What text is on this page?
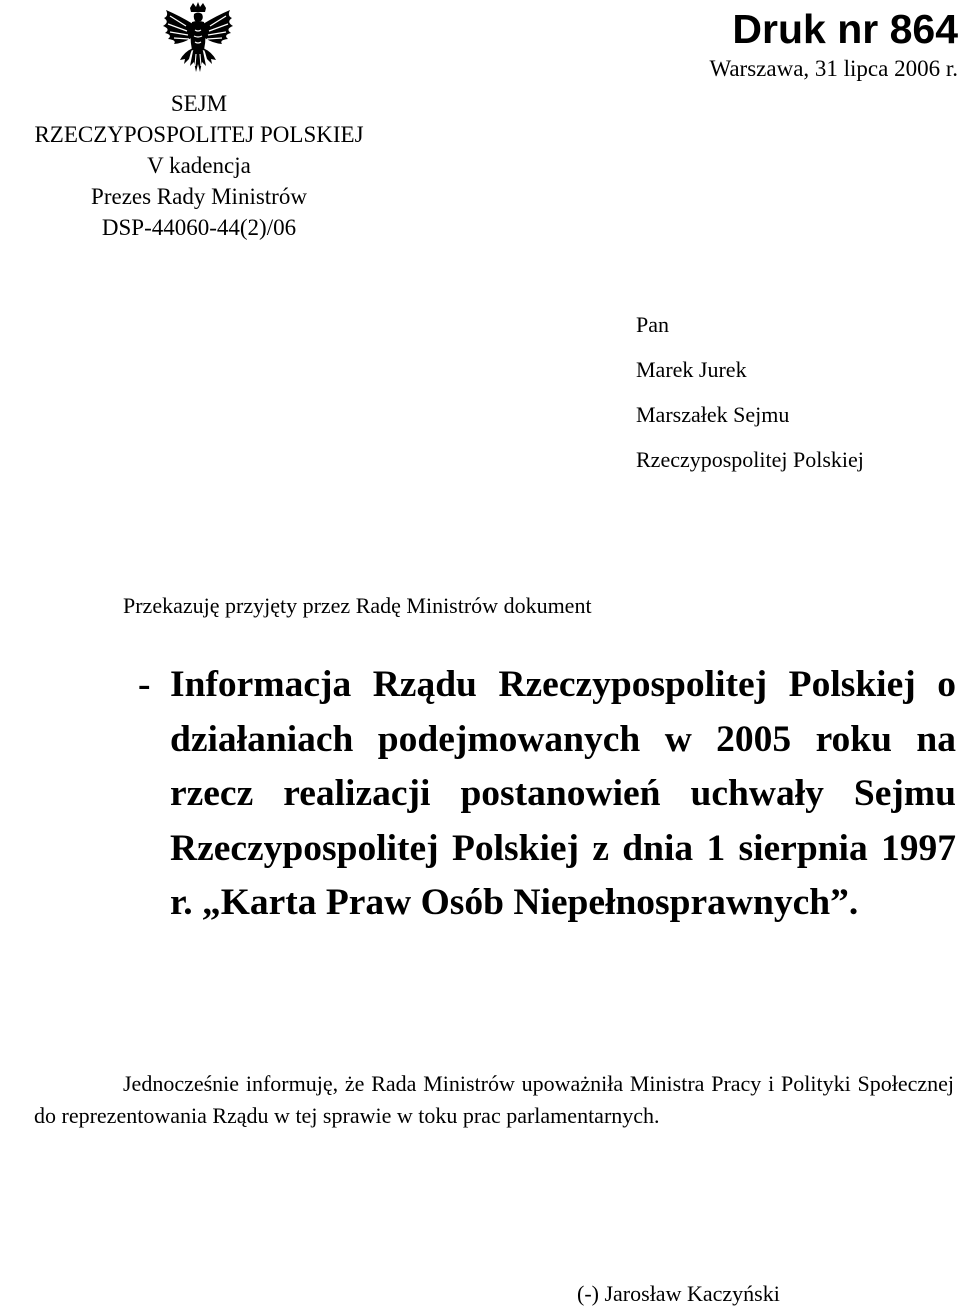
SEJM
RZECZYPOSPOLITEJ POLSKIEJ
V kadencja
Prezes Rady Ministrów
DSP-44060-44(2)/06
Druk nr 864
Warszawa, 31 lipca 2006 r.
Pan
Marek Jurek
Marszałek Sejmu
Rzeczypospolitej Polskiej
Przekazuję przyjęty przez Radę Ministrów dokument
- Informacja Rządu Rzeczypospolitej Polskiej o działaniach podejmowanych w 2005 roku na rzecz realizacji postanowień uchwały Sejmu Rzeczypospolitej Polskiej z dnia 1 sierpnia 1997 r. „Karta Praw Osób Niepełnosprawnych”.
Jednocześnie informuję, że Rada Ministrów upoważniła Ministra Pracy i Polityki Społecznej do reprezentowania Rządu w tej sprawie w toku prac parlamentarnych.
(-) Jarosław Kaczyński
